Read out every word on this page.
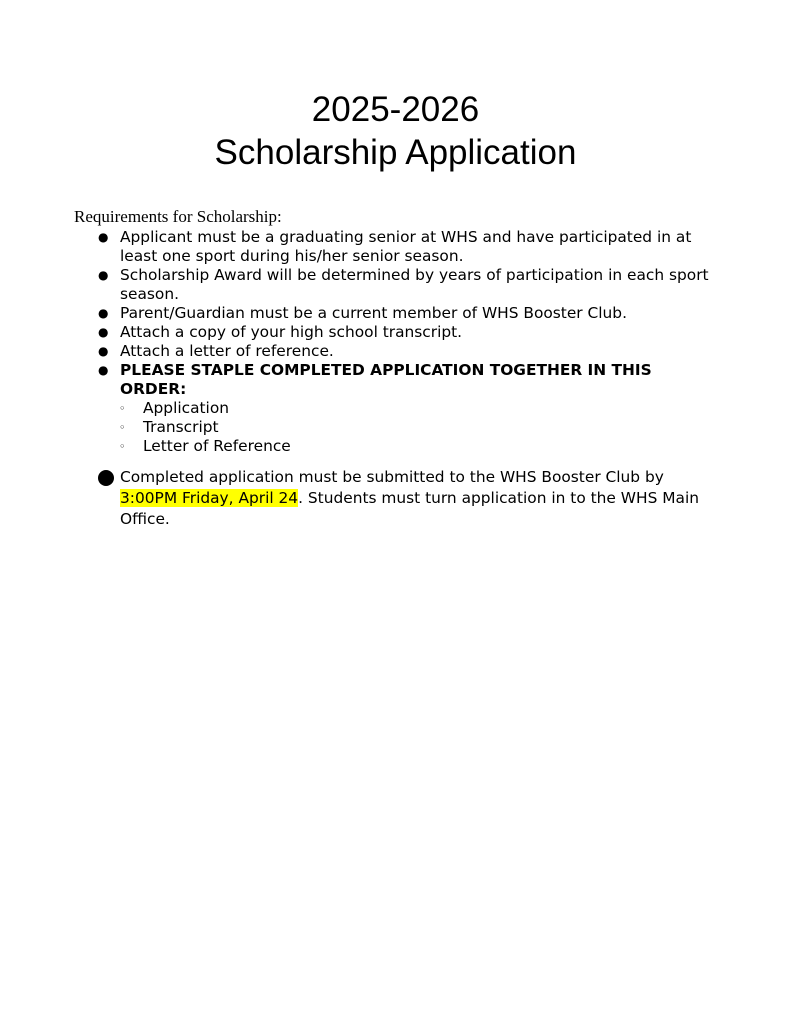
2025-2026
Scholarship Application
Requirements for Scholarship:
● Applicant must be a graduating senior at WHS and have participated in at least one sport during his/her senior season.
● Scholarship Award will be determined by years of participation in each sport season.
● Parent/Guardian must be a current member of WHS Booster Club.
● Attach a copy of your high school transcript.
● Attach a letter of reference.
● PLEASE STAPLE COMPLETED APPLICATION TOGETHER IN THIS ORDER:
◦ Application
◦ Transcript
◦ Letter of Reference
Completed application must be submitted to the WHS Booster Club by 3:00PM Friday, April 24. Students must turn application in to the WHS Main Office.
